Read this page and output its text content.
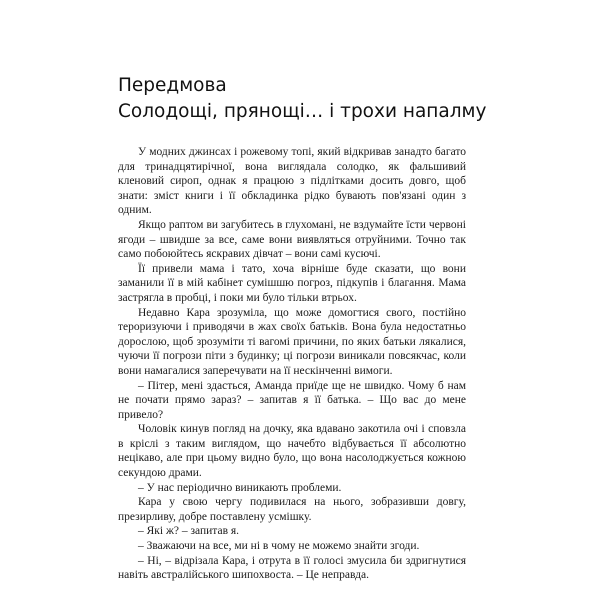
Передмова
Солодощі, прянощі… і трохи напалму

У модних джинсах і рожевому топі, який відкривав занадто багато для тринадцятирічної, вона виглядала солодко, як фальшивий кленовий сироп, однак я працюю з підлітками досить довго, щоб знати: зміст книги і її обкладинка рідко бувають пов'язані один з одним.

Якщо раптом ви загубитесь в глухомані, не вздумайте їсти червоні ягоди – швидше за все, саме вони виявляться отруйними. Точно так само побоюйтесь яскравих дівчат – вони самі кусючі.

Її привели мама і тато, хоча вірніше буде сказати, що вони заманили її в мій кабінет сумішшю погроз, підкупів і благання. Мама застрягла в пробці, і поки ми було тільки втрьох.

Недавно Кара зрозуміла, що може домогтися свого, постійно тероризуючи і приводячи в жах своїх батьків. Вона була недостатньо дорослою, щоб зрозуміти ті вагомі причини, по яких батьки лякалися, чуючи її погрози піти з будинку; ці погрози виникали повсякчас, коли вони намагалися заперечувати на її нескінченні вимоги.

– Пітер, мені здасться, Аманда приїде ще не швидко. Чому б нам не почати прямо зараз? – запитав я її батька. – Що вас до мене привело?

Чоловік кинув погляд на дочку, яка вдавано закотила очі і сповзла в кріслі з таким виглядом, що начебто відбувається її абсолютно нецікаво, але при цьому видно було, що вона насолоджується кожною секундою драми.

– У нас періодично виникають проблеми.

Кара у свою чергу подивилася на нього, зобразивши довгу, презирливу, добре поставлену усмішку.

– Які ж? – запитав я.

– Зважаючи на все, ми ні в чому не можемо знайти згоди.

– Ні, – відрізала Кара, і отрута в її голосі змусила би здригнутися навіть австралійського шипохвоста. – Це неправда.
